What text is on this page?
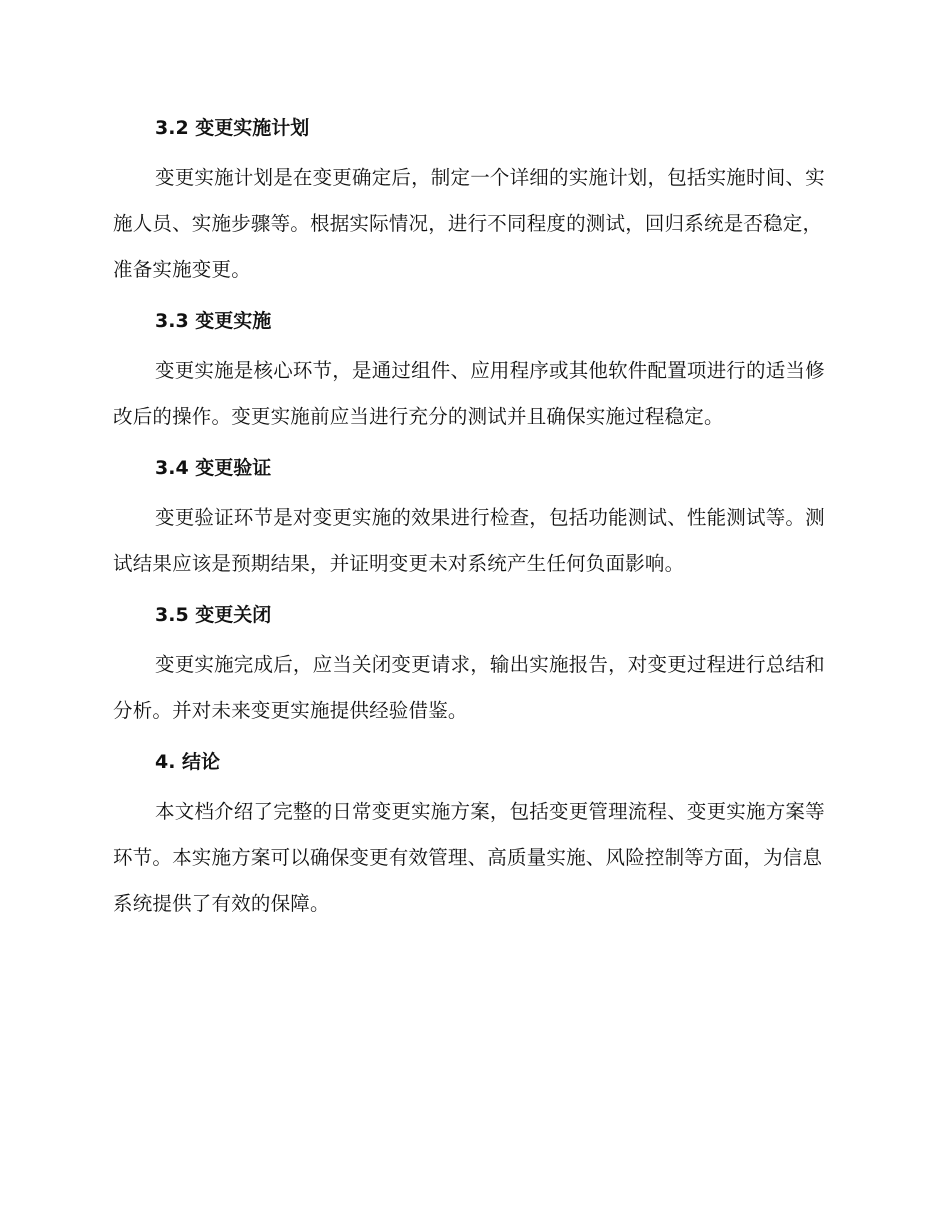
3.2 变更实施计划

变更实施计划是在变更确定后，制定一个详细的实施计划，包括实施时间、实施人员、实施步骤等。根据实际情况，进行不同程度的测试，回归系统是否稳定，准备实施变更。

3.3 变更实施

变更实施是核心环节，是通过组件、应用程序或其他软件配置项进行的适当修改后的操作。变更实施前应当进行充分的测试并且确保实施过程稳定。

3.4 变更验证

变更验证环节是对变更实施的效果进行检查，包括功能测试、性能测试等。测试结果应该是预期结果，并证明变更未对系统产生任何负面影响。

3.5 变更关闭

变更实施完成后，应当关闭变更请求，输出实施报告，对变更过程进行总结和分析。并对未来变更实施提供经验借鉴。

4. 结论

本文档介绍了完整的日常变更实施方案，包括变更管理流程、变更实施方案等环节。本实施方案可以确保变更有效管理、高质量实施、风险控制等方面，为信息系统提供了有效的保障。
